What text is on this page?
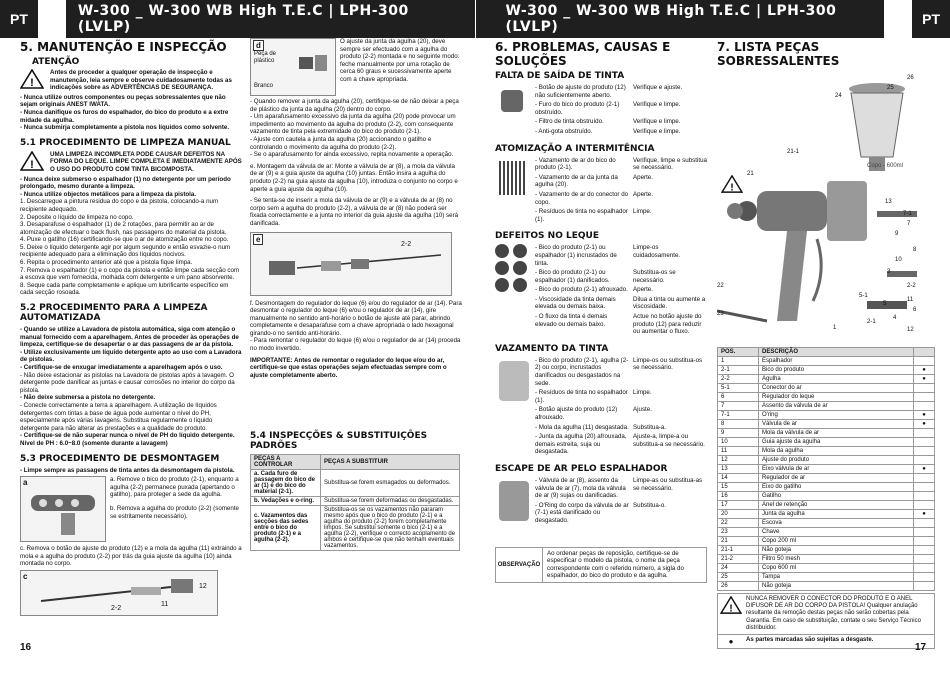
PT	W-300 _ W-300 WB High T.E.C | LPH-300 (LVLP)
W-300 _ W-300 WB High T.E.C | LPH-300 (LVLP)	PT
5. MANUTENÇÃO E INSPECÇÃO
ATENÇÃO
!

Antes de proceder a qualquer operação de inspecção e manutenção, leia sempre e observe cuidadosamente todas as indicações sobre as ADVERTÊNCIAS DE SEGURANÇA.

- Nunca utilize outros componentes ou peças sobressalentes que não sejam originais ANEST IWATA.

- Nunca danifique os furos do espalhador, do bico do produto e a extre midade da agulha.

- Nunca submirja completamente a pistola nos líquidos como solvente.

5.1 PROCEDIMENTO DE LIMPEZA MANUAL
!

UMA LIMPEZA INCOMPLETA PODE CAUSAR DEFEITOS NA FORMA DO LEQUE. LIMPE COMPLETA E IMEDIATAMENTE APÓS O USO DO PRODUTO COM TINTA BICOMPOSTA.

- Nunca deixe submerso o espalhador (1) no detergente por um período prolongado, mesmo durante a limpeza.

- Nunca utilize objectos metálicos para a limpeza da pistola.

1. Descarregue a pintura residua do copo e da pistola, colocando-a num recipiente adequado.

2. Deposite o líquido de limpeza no copo.

3. Desaparafuse o espalhador (1) de 2 rotações, para permitir ao ar de atomização de efectuar o back flush, nas passagens do material da pistola.

4. Puxe o gatilho (16) certificando-se que o ar de atomização entre no copo.

5. Deixe o líquido detergente agir por algum segundo e então esvazie-o num recipiente adequado para a eliminação dos líquidos nocivos.

6. Repita o procedimento anterior até que a pistola fique limpa.

7. Remova o espalhador (1) e o copo da pistola e então limpe cada secção com a escova que vem fornecida, molhada com detergente e um pano absorvente.

8. Seque cada parte completamente e aplique um lubrificante específico em cada secção rosoada.

5.2 PROCEDIMENTO PARA A LIMPEZA AUTOMATIZADA

- Quando se utilize a Lavadora de pistola automática, siga com atenção o manual fornecido com a aparelhagem. Antes de proceder às operações de limpeza, certifique-se de desapertar o ar das passagens de ar da pistola.

- Utilize exclusivamente um líquido detergente apto ao uso com a Lavadora de pistolas.

- Certifique-se de enxugar imediatamente a aparelhagem após o uso.

- Não deixe estacionar as pistolas na Lavadora de pistolas após a lavagem. O detergente pode danificar as juntas e causar corrosões no interior do corpo da pistola.

- Não deixe submersa a pistola no detergente.

- Conecte correctamente a terra a aparelhagem. A utilização de líquidos detergentes com tintas a base de água pode aumentar o nível do PH, especialmente após várias lavagens. Substitua regularmente o líquido detergente para não alterar as prestações e a qualidade do produto.

- Certifique-se de não superar nunca o nível de PH do líquido detergente. Nível de PH : 6.0~8.0 (somente durante a lavagem)

5.3 PROCEDIMENTO DE DESMONTAGEM

- Limpe sempre as passagens de tinta antes da desmontagem da pistola.

a	a. Remove o bico do produto (2-1), enquanto a agulha (2-2) permanece puxada (apertando o gatilho), para proteger a sede da agulha.

b. Remova a agulha do produto (2-2) (somente se estritamente necessário).

c. Remova o botão de ajuste do produto (12) e a mola da agulha (11) extraindo a mola e a agulha do produto (2-2) por trás da guia ajuste da agulha (10) ainda montada no corpo.

c
12
11
2-2
d
Peça de plástico
Branco

O ajuste da junta da agulha (20), deve sempre ser efectuado com a agulha do produto (2-2) montada e no seguinte modo: feche manualmente por uma rotação de cerca 60 graus e sucessivamente aperte com a chave apropriada.

- Quando remover a junta da agulha (20), certifique-se de não deixar a peça de plástico da junta da agulha (20) dentro do corpo.

- Um aparafusamento excessivo da junta da agulha (20) pode provocar um impedimento ao movimento da agulha do produto (2-2), com consequente vazamento de tinta pela extremidade do bico do produto (2-1).

- Ajuste com cautela a junta da agulha (20) accionando o gatilho e controlando o movimento da agulha do produto (2-2).

- Se o aparafusamento for ainda excessivo, repita novamente a operação.

e. Montagem da válvula de ar: Monte a válvula de ar (8), a mola da válvula de ar (9) e a guia ajuste da agulha (10) juntas. Então insira a agulha do produto (2-2) na guia ajuste da agulha (10), introduza o conjunto no corpo e aperte a guia ajuste da agulha (10).

- Se tenta-se de inserir a mola da válvula de ar (9) e a válvula de ar (8) no corpo sem a agulha do produto (2-2), a válvula de ar (8) não poderá ser fixada correctamente e a junta no interior da guia ajuste da agulha (10) será danificada.

e
2-2

f. Desmontagem do regulador do leque (6) e/ou do regulador de ar (14). Para desmontar o regulador do leque (6) e/ou o regulador de ar (14), gire manualmente no sentido anti-horário o botão de ajuste até parar, abrindo completamente e desaparafuse com a chave apropriada o lado hexagonal girando-o no sentido anti-horário.

- Para remontar o regulador do leque (6) e/ou o regulador de ar (14) proceda no modo invertido.

IMPORTANTE: Antes de remontar o regulador do leque e/ou do ar, certifique-se que estas operações sejam efectuadas sempre com o ajuste completamente aberto.

5.4 INSPECÇÕES & SUBSTITUIÇÕES PADRÕES
PEÇAS A CONTROLAR	PEÇAS A SUBSTITUIR
a. Cada furo de passagem do bico de ar (1) e do bico do material (2-1).	Substitua-se forem esmagados ou deformados.
b. Vedações e o-ring.	Substitua-se forem deformadas ou desgastadas.
c. Vazamentos das secções das sedes entre o bico do produto (2-1) e a agulha (2-2).	Substitua-os se os vazamentos não pararam mesmo após que o bico do produto (2-1) e a agulha do produto (2-2) forem completamente limpos. Se substitui somente o bico (2-1) e a agulha (2-2), verifique o correcto acoplamento de ambos e certifique-se que não tenham eventuais vazamentos.
16
6. PROBLEMAS, CAUSAS E SOLUÇÕES
FALTA DE SAÍDA DE TINTA
- Botão de ajuste do produto (12) não suficientemente aberto.
Verifique e ajuste.
- Furo do bico do produto (2-1) obstruído.
Verifique e limpe.
- Filtro de tinta obstruído.	Verifique e limpe.
- Anti-gota obstruído.	Verifique e limpe.
ATOMIZAÇÃO A INTERMITÊNCIA
- Vazamento de ar do bico do produto (2-1).
Verifique, limpe e substitua se necessário.
- Vazamento de ar da junta da agulha (20).
Aperte.
- Vazamento de ar do conector do copo.
Aperte.
- Resíduos de tinta no espalhador (1).
Limpe.
DEFEITOS NO LEQUE
- Bico do produto (2-1) ou espalhador (1) incrustados de tinta.
Limpe-os cuidadosamente.
- Bico do produto (2-1) ou espalhador (1) danificados.
Substitua-os se necessário.
- Bico do produto (2-1) afrouxado. Aperte.
- Viscosidade da tinta demais elevada ou demais baixa.
Dilua a tinta ou aumente a viscosidade.
- O fluxo da tinta é demais elevado ou demais baixo.
Actue no botão ajuste do produto (12) para reduzir ou aumentar o fluxo.
VAZAMENTO DA TINTA
- Bico do produto (2-1), agulha (2-2) ou corpo, incrustados danificados ou desgastados na sede.
Limpe-os ou substitua-os se necessário.
- Resíduos de tinta no espalhador (1).
Limpe.
- Botão ajuste do produto (12) afrouxado.
Ajuste.
- Mola da agulha (11) desgastada. Substitua-a.
- Junta da agulha (20) afrouxada, demais estreita, suja ou desgastada.
Ajuste-a, limpe-a ou substitua-a se necessário.
ESCAPE DE AR PELO ESPALHADOR
- Válvula de ar (8), assento da válvula de ar (7), mola da válvula de ar (9) sujas ou danificadas.
Limpe-as ou substitua-as se necessário.
- O'Ring do corpo da válvula de ar (7-1) está danificado ou desgastado.
Substitua-o.
OBSERVAÇÃO
Ao ordenar peças de reposição, certifique-se de especificar o modelo da pistola, o nome da peça correspondente com o referido número, a sigla do espalhador, do bico do produto e da agulha.
7. LISTA PEÇAS SOBRESSALENTES
!
Copo - 600ml
26
25
24
21-1
21
13
7-1
7
8
9
10
22
23
2-2
2-1
1
5-1
5
4
6
3
11
12
POS.	DESCRIÇÃO	
1	Espalhador	
2-1	Bico do produto	●
2-2	Agulha	●
5-1	Conector do ar	
6	Regulador do leque	
7	Assento da válvula de ar	
7-1	O'ring	●
8	Válvula de ar	●
9	Mola da válvula de ar	
10	Guia ajuste da agulha	
11	Mola da agulha	
12	Ajuste do produto	
13	Eixo válvula de ar	●
14	Regulador de ar	
15	Eixo do gatilho	
16	Gatilho	
17	Anel de retenção	
20	Junta da agulha	●
22	Escova	
23	Chave	
21	Copo 200 ml	
21-1	Não goteja	
21-2	Filtro 50 mesh	
24	Copo 600 ml	
25	Tampa	
26	Não goteja	
!
NUNCA REMOVER O CONECTOR DO PRODUTO E O ANEL DIFUSOR DE AR DO CORPO DA PISTOLA! Qualquer anulação resultante da remoção destas peças não serão cobertas pela Garantia. Em caso de substituição, contate o seu Serviço Técnico distribuidor.
●	As partes marcadas são sujeitas a desgaste.
17
